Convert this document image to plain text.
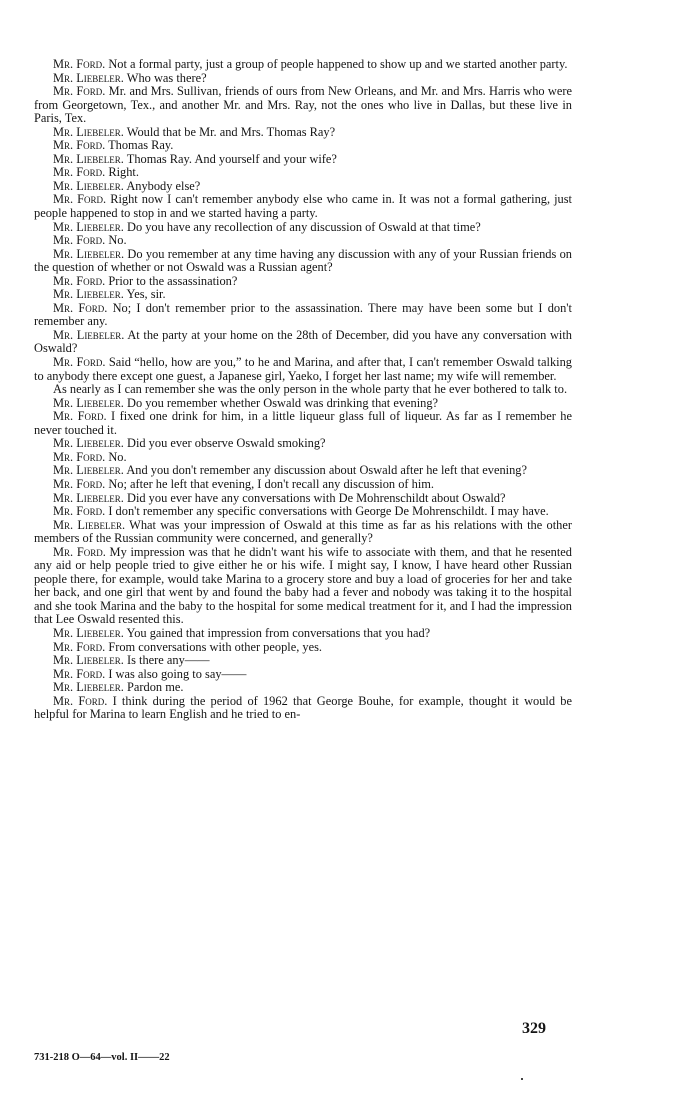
Mr. Ford. Not a formal party, just a group of people happened to show up and we started another party.

Mr. Liebeler. Who was there?

Mr. Ford. Mr. and Mrs. Sullivan, friends of ours from New Orleans, and Mr. and Mrs. Harris who were from Georgetown, Tex., and another Mr. and Mrs. Ray, not the ones who live in Dallas, but these live in Paris, Tex.

Mr. Liebeler. Would that be Mr. and Mrs. Thomas Ray?

Mr. Ford. Thomas Ray.

Mr. Liebeler. Thomas Ray. And yourself and your wife?

Mr. Ford. Right.

Mr. Liebeler. Anybody else?

Mr. Ford. Right now I can't remember anybody else who came in. It was not a formal gathering, just people happened to stop in and we started having a party.

Mr. Liebeler. Do you have any recollection of any discussion of Oswald at that time?

Mr. Ford. No.

Mr. Liebeler. Do you remember at any time having any discussion with any of your Russian friends on the question of whether or not Oswald was a Russian agent?

Mr. Ford. Prior to the assassination?

Mr. Liebeler. Yes, sir.

Mr. Ford. No; I don't remember prior to the assassination. There may have been some but I don't remember any.

Mr. Liebeler. At the party at your home on the 28th of December, did you have any conversation with Oswald?

Mr. Ford. Said “hello, how are you,” to he and Marina, and after that, I can't remember Oswald talking to anybody there except one guest, a Japanese girl, Yaeko, I forget her last name; my wife will remember.

As nearly as I can remember she was the only person in the whole party that he ever bothered to talk to.

Mr. Liebeler. Do you remember whether Oswald was drinking that evening?

Mr. Ford. I fixed one drink for him, in a little liqueur glass full of liqueur. As far as I remember he never touched it.

Mr. Liebeler. Did you ever observe Oswald smoking?

Mr. Ford. No.

Mr. Liebeler. And you don't remember any discussion about Oswald after he left that evening?

Mr. Ford. No; after he left that evening, I don't recall any discussion of him.

Mr. Liebeler. Did you ever have any conversations with De Mohrenschildt about Oswald?

Mr. Ford. I don't remember any specific conversations with George De Mohrenschildt. I may have.

Mr. Liebeler. What was your impression of Oswald at this time as far as his relations with the other members of the Russian community were concerned, and generally?

Mr. Ford. My impression was that he didn't want his wife to associate with them, and that he resented any aid or help people tried to give either he or his wife. I might say, I know, I have heard other Russian people there, for example, would take Marina to a grocery store and buy a load of groceries for her and take her back, and one girl that went by and found the baby had a fever and nobody was taking it to the hospital and she took Marina and the baby to the hospital for some medical treatment for it, and I had the impression that Lee Oswald resented this.

Mr. Liebeler. You gained that impression from conversations that you had?

Mr. Ford. From conversations with other people, yes.

Mr. Liebeler. Is there any——

Mr. Ford. I was also going to say——

Mr. Liebeler. Pardon me.

Mr. Ford. I think during the period of 1962 that George Bouhe, for example, thought it would be helpful for Marina to learn English and he tried to en-

329
731-218 O—64—vol. II——22
